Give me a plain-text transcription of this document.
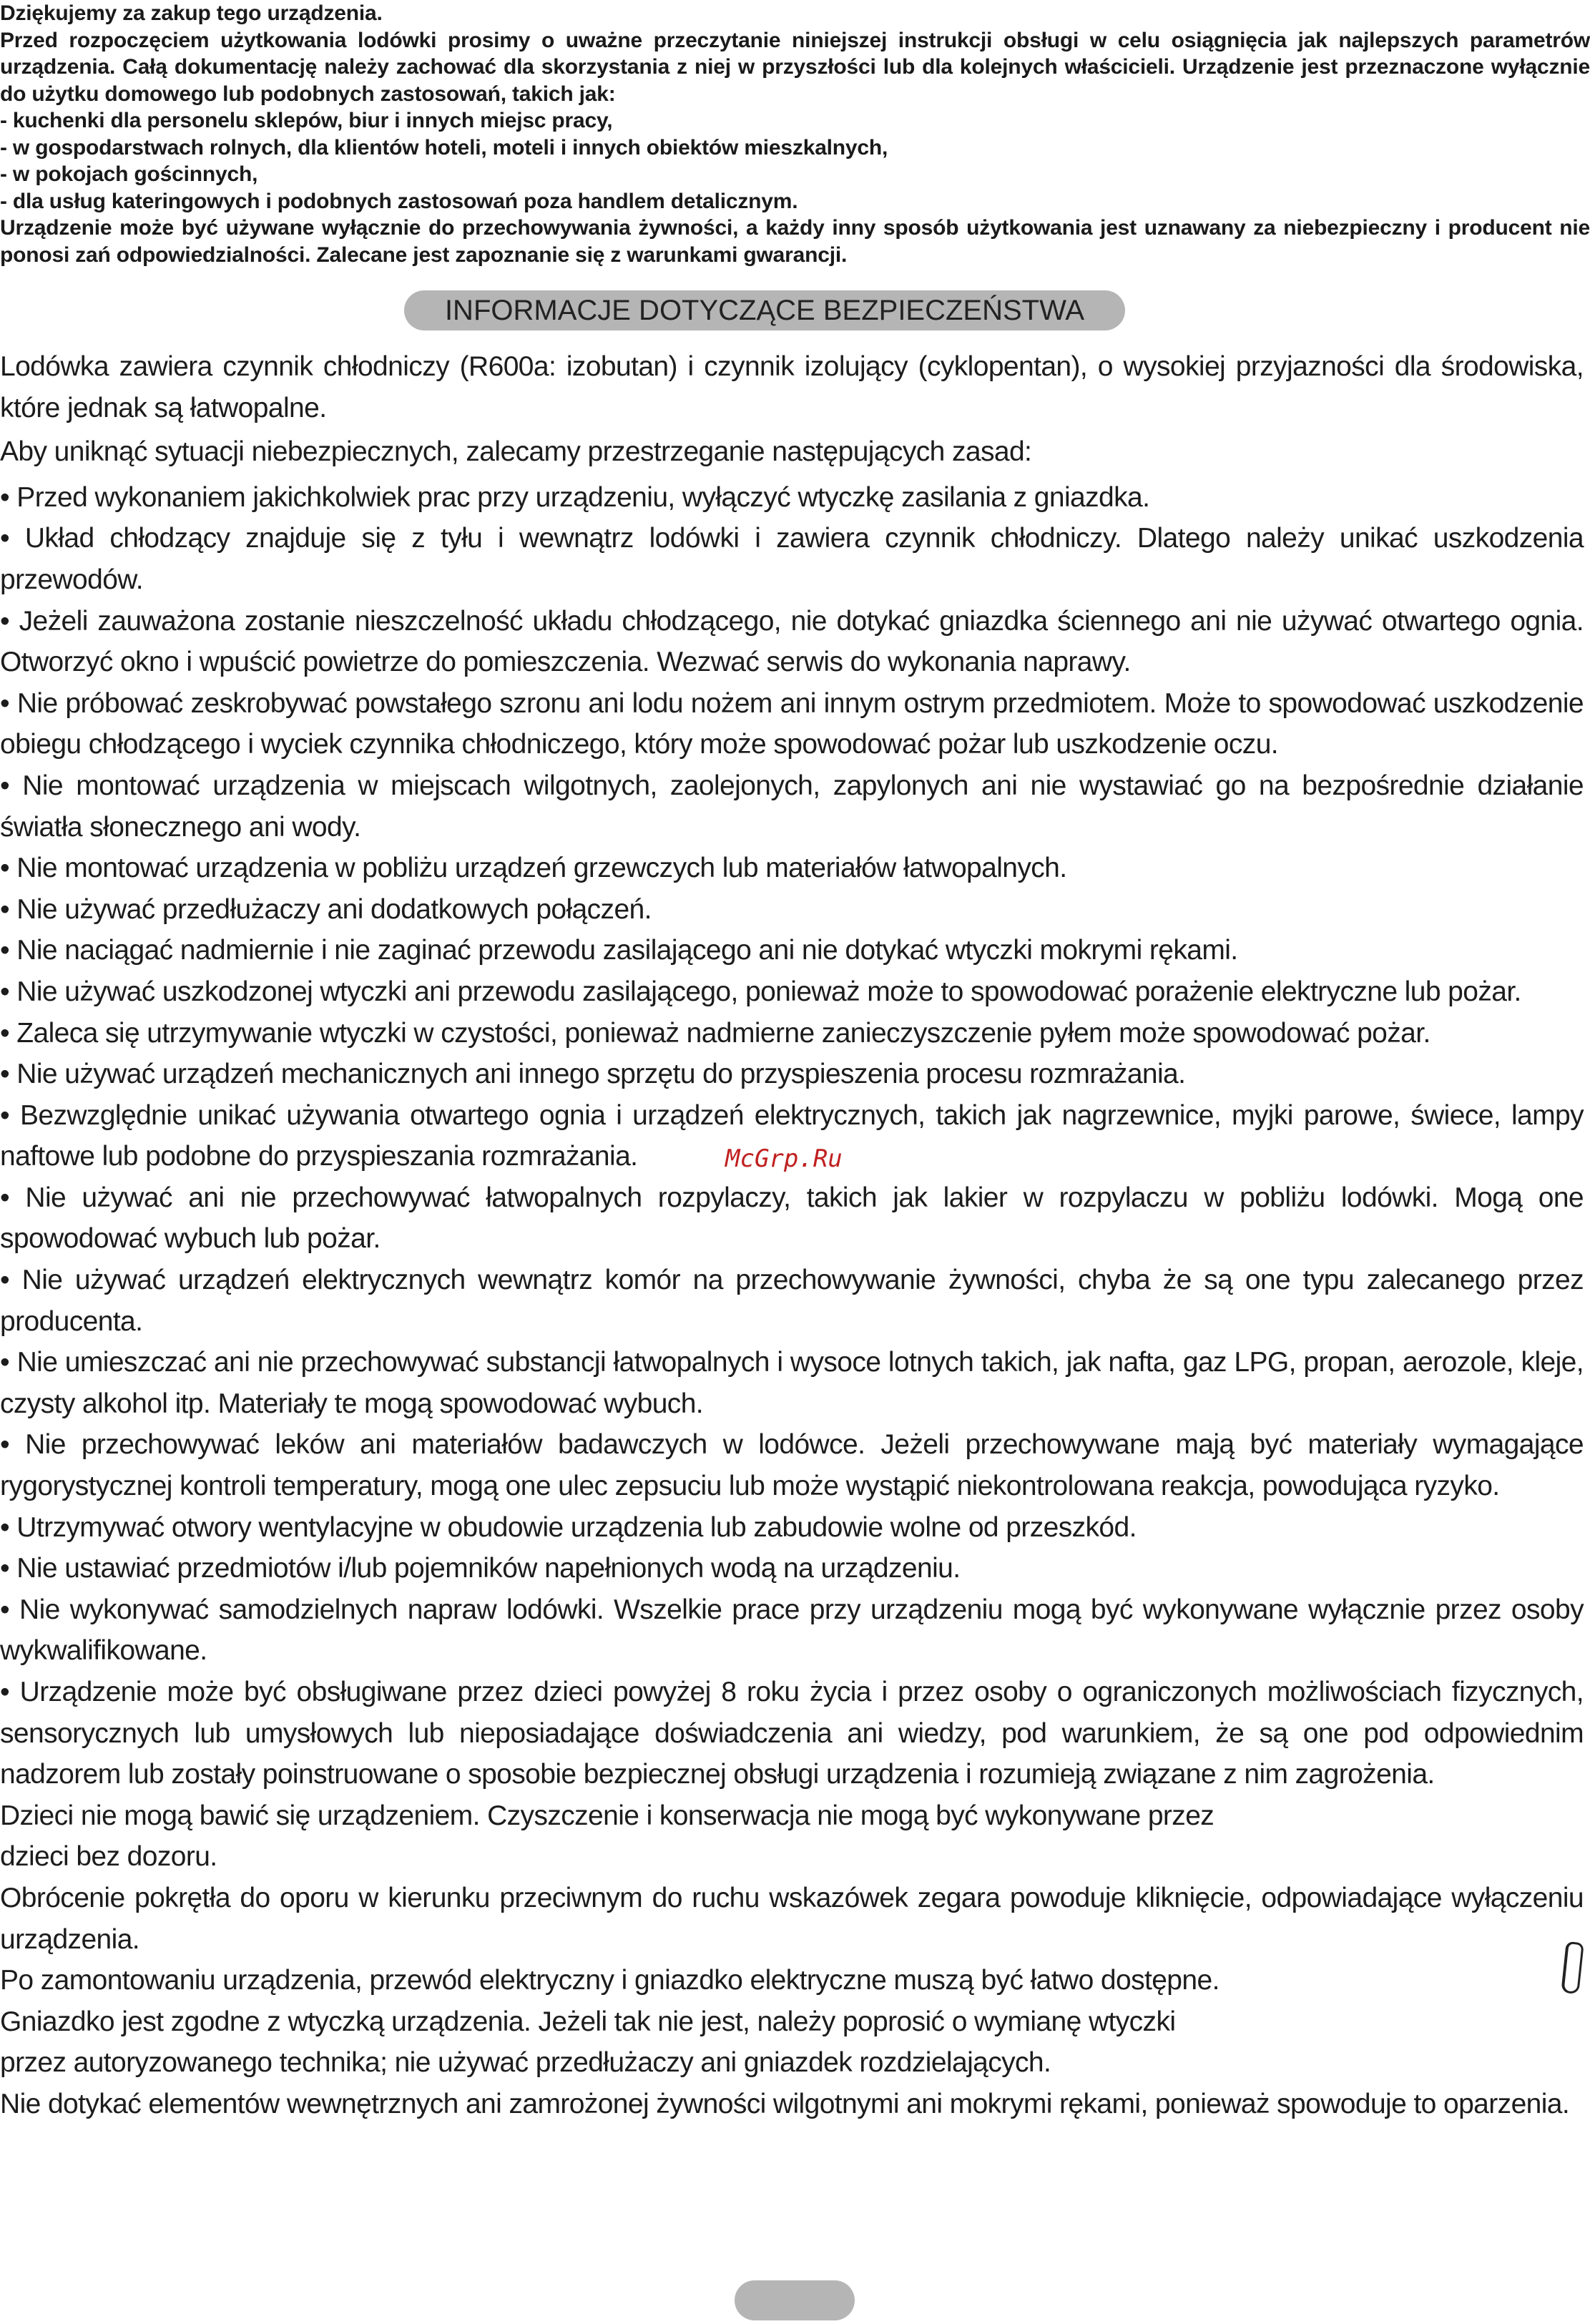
Dziękujemy za zakup tego urządzenia.

Przed rozpoczęciem użytkowania lodówki prosimy o uważne przeczytanie niniejszej instrukcji obsługi w celu osiągnięcia jak najlepszych parametrów urządzenia. Całą dokumentację należy zachować dla skorzystania z niej w przyszłości lub dla kolejnych właścicieli. Urządzenie jest przeznaczone wyłącznie do użytku domowego lub podobnych zastosowań, takich jak:

- kuchenki dla personelu sklepów, biur i innych miejsc pracy,

- w gospodarstwach rolnych, dla klientów hoteli, moteli i innych obiektów mieszkalnych,

- w pokojach gościnnych,

- dla usług kateringowych i podobnych zastosowań poza handlem detalicznym.

Urządzenie może być używane wyłącznie do przechowywania żywności, a każdy inny sposób użytkowania jest uznawany za niebezpieczny i producent nie ponosi zań odpowiedzialności. Zalecane jest zapoznanie się z warunkami gwarancji.

INFORMACJE DOTYCZĄCE BEZPIECZEŃSTWA

Lodówka zawiera czynnik chłodniczy (R600a: izobutan) i czynnik izolujący (cyklopentan), o wysokiej przyjazności dla środowiska, które jednak są łatwopalne.

Aby uniknąć sytuacji niebezpiecznych, zalecamy przestrzeganie następujących zasad:

• Przed wykonaniem jakichkolwiek prac przy urządzeniu, wyłączyć wtyczkę zasilania z gniazdka.

• Układ chłodzący znajduje się z tyłu i wewnątrz lodówki i zawiera czynnik chłodniczy. Dlatego należy unikać uszkodzenia przewodów.

• Jeżeli zauważona zostanie nieszczelność układu chłodzącego, nie dotykać gniazdka ściennego ani nie używać otwartego ognia. Otworzyć okno i wpuścić powietrze do pomieszczenia. Wezwać serwis do wykonania naprawy.

• Nie próbować zeskrobywać powstałego szronu ani lodu nożem ani innym ostrym przedmiotem. Może to spowodować uszkodzenie obiegu chłodzącego i wyciek czynnika chłodniczego, który może spowodować pożar lub uszkodzenie oczu.

• Nie montować urządzenia w miejscach wilgotnych, zaolejonych, zapylonych ani nie wystawiać go na bezpośrednie działanie światła słonecznego ani wody.

• Nie montować urządzenia w pobliżu urządzeń grzewczych lub materiałów łatwopalnych.

• Nie używać przedłużaczy ani dodatkowych połączeń.

• Nie naciągać nadmiernie i nie zaginać przewodu zasilającego ani nie dotykać wtyczki mokrymi rękami.

• Nie używać uszkodzonej wtyczki ani przewodu zasilającego, ponieważ może to spowodować porażenie elektryczne lub pożar.

• Zaleca się utrzymywanie wtyczki w czystości, ponieważ nadmierne zanieczyszczenie pyłem może spowodować pożar.

• Nie używać urządzeń mechanicznych ani innego sprzętu do przyspieszenia procesu rozmrażania.

• Bezwzględnie unikać używania otwartego ognia i urządzeń elektrycznych, takich jak nagrzewnice, myjki parowe, świece, lampy naftowe lub podobne do przyspieszania rozmrażania.

• Nie używać ani nie przechowywać łatwopalnych rozpylaczy, takich jak lakier w rozpylaczu w pobliżu lodówki. Mogą one spowodować wybuch lub pożar.

• Nie używać urządzeń elektrycznych wewnątrz komór na przechowywanie żywności, chyba że są one typu zalecanego przez producenta.

• Nie umieszczać ani nie przechowywać substancji łatwopalnych i wysoce lotnych takich, jak nafta, gaz LPG, propan, aerozole, kleje, czysty alkohol itp. Materiały te mogą spowodować wybuch.

• Nie przechowywać leków ani materiałów badawczych w lodówce. Jeżeli przechowywane mają być materiały wymagające rygorystycznej kontroli temperatury, mogą one ulec zepsuciu lub może wystąpić niekontrolowana reakcja, powodująca ryzyko.

• Utrzymywać otwory wentylacyjne w obudowie urządzenia lub zabudowie wolne od przeszkód.

• Nie ustawiać przedmiotów i/lub pojemników napełnionych wodą na urządzeniu.

• Nie wykonywać samodzielnych napraw lodówki. Wszelkie prace przy urządzeniu mogą być wykonywane wyłącznie przez osoby wykwalifikowane.

• Urządzenie może być obsługiwane przez dzieci powyżej 8 roku życia i przez osoby o ograniczonych możliwościach fizycznych, sensorycznych lub umysłowych lub nieposiadające doświadczenia ani wiedzy, pod warunkiem, że są one pod odpowiednim nadzorem lub zostały poinstruowane o sposobie bezpiecznej obsługi urządzenia i rozumieją związane z nim zagrożenia.

Dzieci nie mogą bawić się urządzeniem. Czyszczenie i konserwacja nie mogą być wykonywane przez

dzieci bez dozoru.

Obrócenie pokrętła do oporu w kierunku przeciwnym do ruchu wskazówek zegara powoduje kliknięcie, odpowiadające wyłączeniu urządzenia.

Po zamontowaniu urządzenia, przewód elektryczny i gniazdko elektryczne muszą być łatwo dostępne.

Gniazdko jest zgodne z wtyczką urządzenia. Jeżeli tak nie jest, należy poprosić o wymianę wtyczki

przez autoryzowanego technika; nie używać przedłużaczy ani gniazdek rozdzielających.

Nie dotykać elementów wewnętrznych ani zamrożonej żywności wilgotnymi ani mokrymi rękami, ponieważ spowoduje to oparzenia.

McGrp.Ru
